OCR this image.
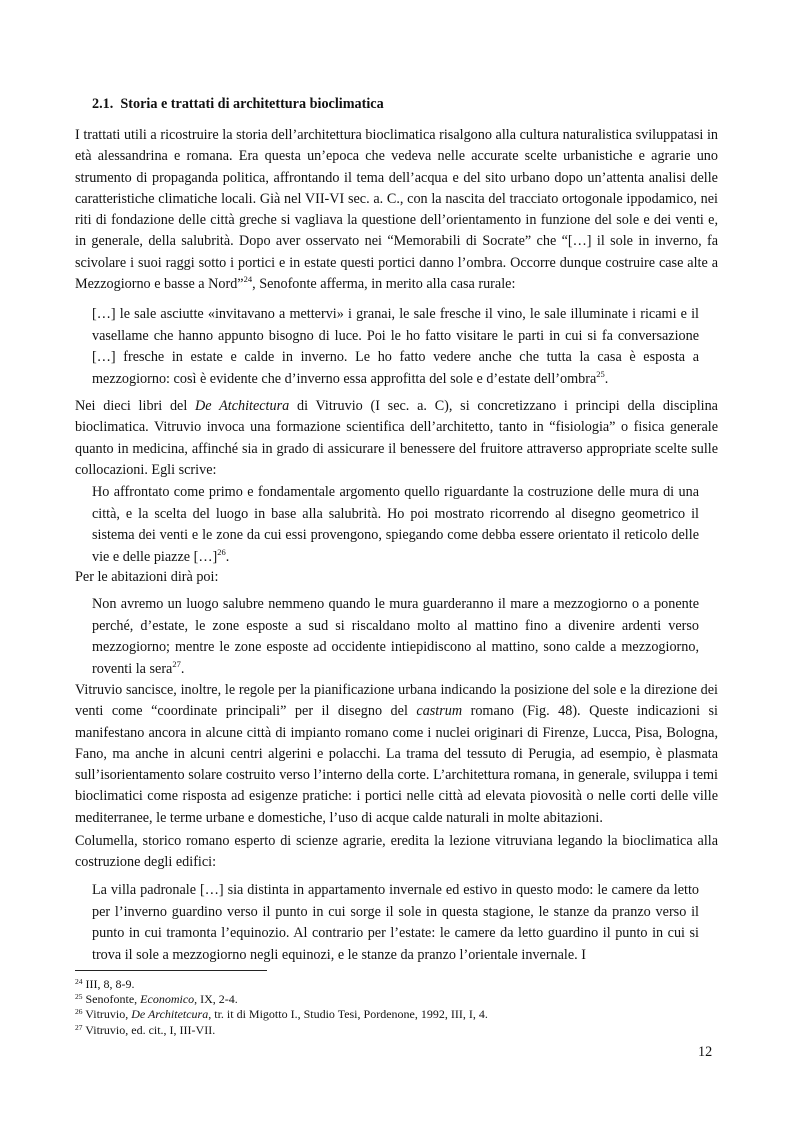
2.1.  Storia e trattati di architettura bioclimatica

I trattati utili a ricostruire la storia dell’architettura bioclimatica risalgono alla cultura naturalistica sviluppatasi in età alessandrina e romana. Era questa un’epoca che vedeva nelle accurate scelte urbanistiche e agrarie uno strumento di propaganda politica, affrontando il tema dell’acqua e del sito urbano dopo un’attenta analisi delle caratteristiche climatiche locali. Già nel VII-VI sec. a. C., con la nascita del tracciato ortogonale ippodamico, nei riti di fondazione delle città greche si vagliava la questione dell’orientamento in funzione del sole e dei venti e, in generale, della salubrità. Dopo aver osservato nei “Memorabili di Socrate” che “[…] il sole in inverno, fa scivolare i suoi raggi sotto i portici e in estate questi portici danno l’ombra. Occorre dunque costruire case alte a Mezzogiorno e basse a Nord”$^{24}$, Senofonte afferma, in merito alla casa rurale:

[…] le sale asciutte «invitavano a mettervi» i granai, le sale fresche il vino, le sale illuminate i ricami e il vasellame che hanno appunto bisogno di luce. Poi le ho fatto visitare le parti in cui si fa conversazione […] fresche in estate e calde in inverno. Le ho fatto vedere anche che tutta la casa è esposta a mezzogiorno: così è evidente che d’inverno essa approfitta del sole e d’estate dell’ombra$^{25}$.

Nei dieci libri del De Atchitectura di Vitruvio (I sec. a. C), si concretizzano i principi della disciplina bioclimatica. Vitruvio invoca una formazione scientifica dell’architetto, tanto in “fisiologia” o fisica generale quanto in medicina, affinché sia in grado di assicurare il benessere del fruitore attraverso appropriate scelte sulle collocazioni. Egli scrive:

Ho affrontato come primo e fondamentale argomento quello riguardante la costruzione delle mura di una città, e la scelta del luogo in base alla salubrità. Ho poi mostrato ricorrendo al disegno geometrico il sistema dei venti e le zone da cui essi provengono, spiegando come debba essere orientato il reticolo delle vie e delle piazze […]$^{26}$.

Per le abitazioni dirà poi:

Non avremo un luogo salubre nemmeno quando le mura guarderanno il mare a mezzogiorno o a ponente perché, d’estate, le zone esposte a sud si riscaldano molto al mattino fino a divenire ardenti verso mezzogiorno; mentre le zone esposte ad occidente intiepidiscono al mattino, sono calde a mezzogiorno, roventi la sera$^{27}$.

Vitruvio sancisce, inoltre, le regole per la pianificazione urbana indicando la posizione del sole e la direzione dei venti come “coordinate principali” per il disegno del castrum romano (Fig. 48). Queste indicazioni si manifestano ancora in alcune città di impianto romano come i nuclei originari di Firenze, Lucca, Pisa, Bologna, Fano, ma anche in alcuni centri algerini e polacchi. La trama del tessuto di Perugia, ad esempio, è plasmata sull’isorientamento solare costruito verso l’interno della corte. L’architettura romana, in generale, sviluppa i temi bioclimatici come risposta ad esigenze pratiche: i portici nelle città ad elevata piovosità o nelle corti delle ville mediterranee, le terme urbane e domestiche, l’uso di acque calde naturali in molte abitazioni.

Columella, storico romano esperto di scienze agrarie, eredita la lezione vitruviana legando la bioclimatica alla costruzione degli edifici:

La villa padronale […] sia distinta in appartamento invernale ed estivo in questo modo: le camere da letto per l’inverno guardino verso il punto in cui sorge il sole in questa stagione, le stanze da pranzo verso il punto in cui tramonta l’equinozio. Al contrario per l’estate: le camere da letto guardino il punto in cui si trova il sole a mezzogiorno negli equinozi, e le stanze da pranzo l’orientale invernale. I

$^{24}$ III, 8, 8-9.

$^{25}$ Senofonte, Economico, IX, 2-4.

$^{26}$ Vitruvio, De Architetcura, tr. it di Migotto I., Studio Tesi, Pordenone, 1992, III, I, 4.

$^{27}$ Vitruvio, ed. cit., I, III-VII.

12
